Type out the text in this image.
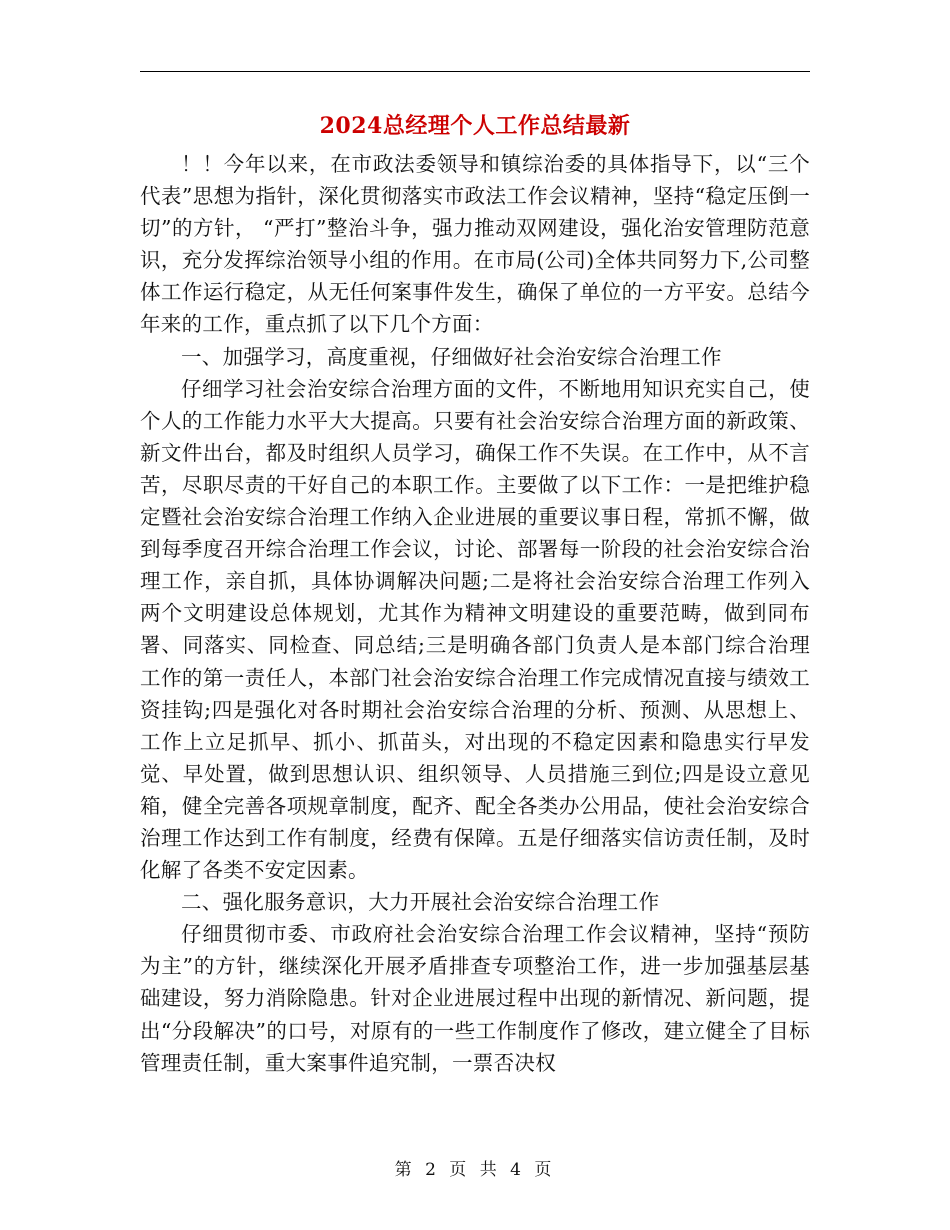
2024总经理个人工作总结最新

！！今年以来，在市政法委领导和镇综治委的具体指导下，以“三个代表”思想为指针，深化贯彻落实市政法工作会议精神，坚持“稳定压倒一切”的方针， “严打”整治斗争，强力推动双网建设，强化治安管理防范意识，充分发挥综治领导小组的作用。在市局(公司)全体共同努力下,公司整体工作运行稳定，从无任何案事件发生，确保了单位的一方平安。总结今年来的工作，重点抓了以下几个方面：

一、加强学习，高度重视，仔细做好社会治安综合治理工作

仔细学习社会治安综合治理方面的文件，不断地用知识充实自己，使个人的工作能力水平大大提高。只要有社会治安综合治理方面的新政策、新文件出台，都及时组织人员学习，确保工作不失误。在工作中，从不言苦，尽职尽责的干好自己的本职工作。主要做了以下工作：一是把维护稳定暨社会治安综合治理工作纳入企业进展的重要议事日程，常抓不懈，做到每季度召开综合治理工作会议，讨论、部署每一阶段的社会治安综合治理工作，亲自抓，具体协调解决问题;二是将社会治安综合治理工作列入两个文明建设总体规划，尤其作为精神文明建设的重要范畴，做到同布署、同落实、同检查、同总结;三是明确各部门负责人是本部门综合治理工作的第一责任人，本部门社会治安综合治理工作完成情况直接与绩效工资挂钩;四是强化对各时期社会治安综合治理的分析、预测、从思想上、工作上立足抓早、抓小、抓苗头，对出现的不稳定因素和隐患实行早发觉、早处置，做到思想认识、组织领导、人员措施三到位;四是设立意见箱，健全完善各项规章制度，配齐、配全各类办公用品，使社会治安综合治理工作达到工作有制度，经费有保障。五是仔细落实信访责任制，及时化解了各类不安定因素。

二、强化服务意识，大力开展社会治安综合治理工作

仔细贯彻市委、市政府社会治安综合治理工作会议精神，坚持“预防为主”的方针，继续深化开展矛盾排查专项整治工作，进一步加强基层基础建设，努力消除隐患。针对企业进展过程中出现的新情况、新问题，提出“分段解决”的口号，对原有的一些工作制度作了修改，建立健全了目标管理责任制，重大案事件追究制，一票否决权

第 2 页 共 4 页
